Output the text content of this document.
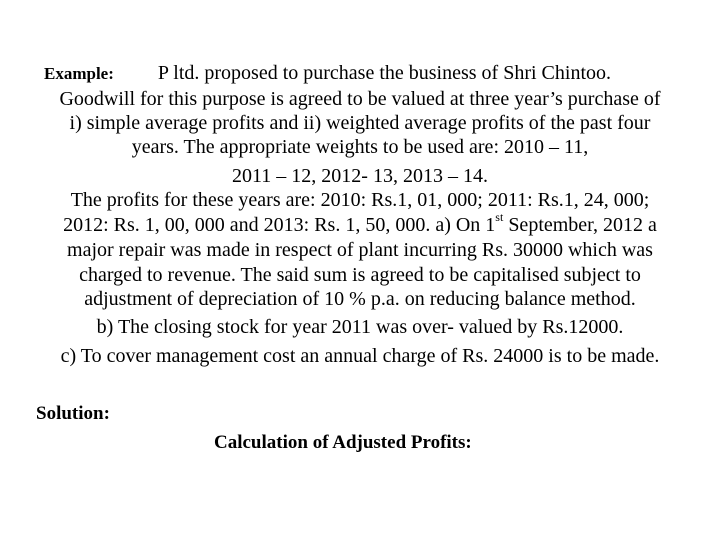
Example: P ltd. proposed to purchase the business of Shri Chintoo.
Goodwill for this purpose is agreed to be valued at three year’s purchase of
i) simple average profits and ii) weighted average profits of the past four
years. The appropriate weights to be used are: 2010 – 11,
2011 – 12, 2012- 13, 2013 – 14.
The profits for these years are: 2010: Rs.1, 01, 000; 2011: Rs.1, 24, 000;
2012: Rs. 1, 00, 000 and 2013: Rs. 1, 50, 000. a) On 1st September, 2012 a
major repair was made in respect of plant incurring Rs. 30000 which was
charged to revenue. The said sum is agreed to be capitalised subject to
adjustment of depreciation of 10 % p.a. on reducing balance method.
b) The closing stock for year 2011 was over- valued by Rs.12000.
c) To cover management cost an annual charge of Rs. 24000 is to be made.
Solution:
Calculation of Adjusted Profits:
